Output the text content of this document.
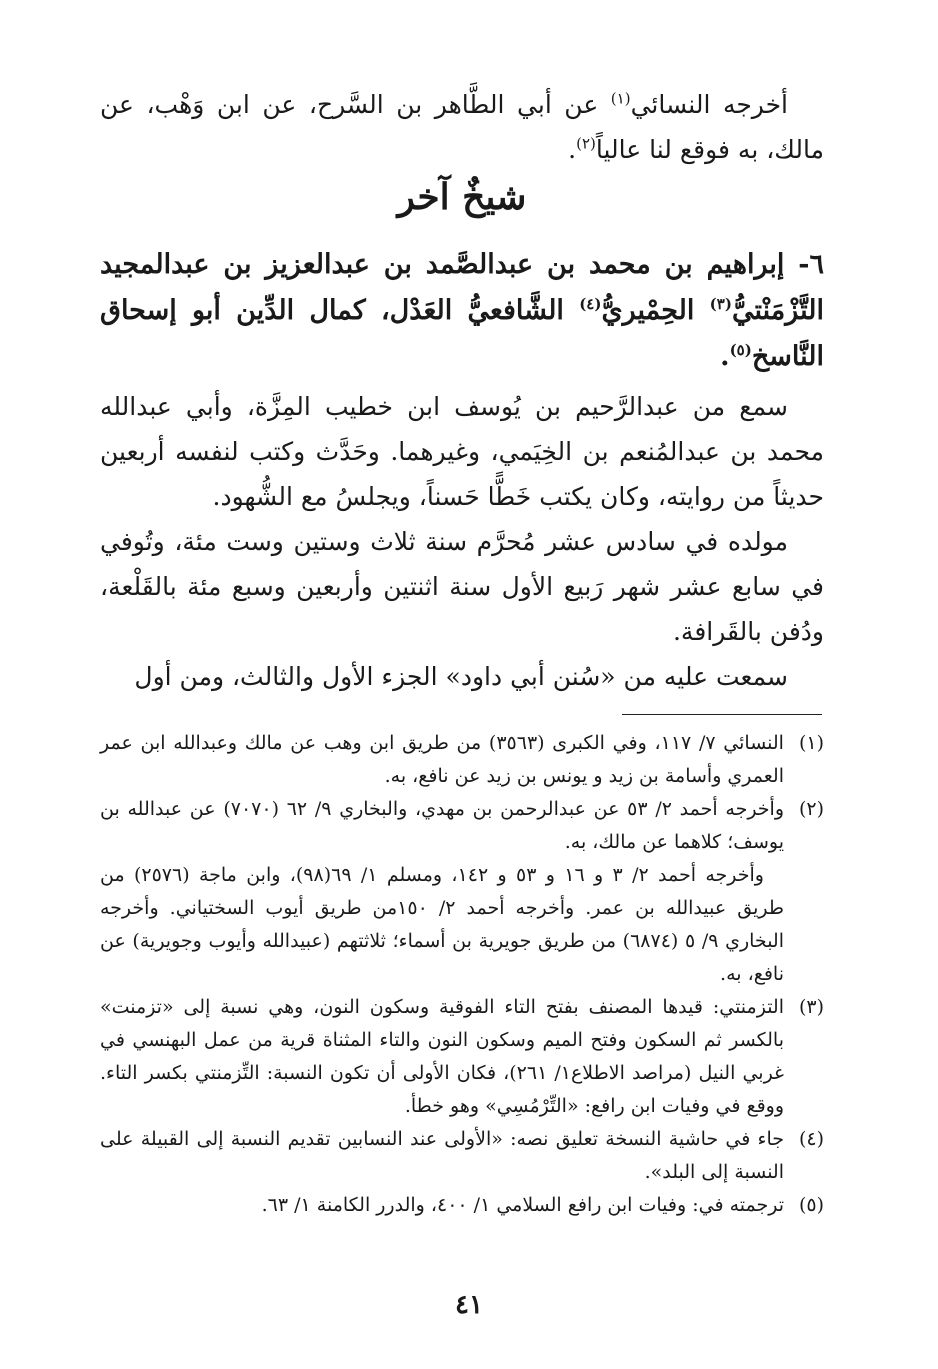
أخرجه النسائي$^{(١)}$ عن أبي الطَّاهر بن السَّرح، عن ابن وَهْب، عن مالك، به فوقع لنا عالياً$^{(٢)}$.

شيخٌ آخر

٦- إبراهيم بن محمد بن عبدالصَّمد بن عبدالعزيز بن عبدالمجيد التَّزْمَنْتيُّ$^{(٣)}$ الحِمْيريُّ$^{(٤)}$ الشَّافعيُّ العَدْل، كمال الدِّين أبو إسحاق النَّاسخ$^{(٥)}$.

سمع من عبدالرَّحيم بن يُوسف ابن خطيب المِزَّة، وأبي عبدالله محمد بن عبدالمُنعم بن الخِيَمي، وغيرهما. وحَدَّث وكتب لنفسه أربعين حديثاً من روايته، وكان يكتب خَطًّا حَسناً، ويجلسُ مع الشُّهود.

مولده في سادس عشر مُحرَّم سنة ثلاث وستين وست مئة، وتُوفي في سابع عشر شهر رَبيع الأول سنة اثنتين وأربعين وسبع مئة بالقَلْعة، ودُفن بالقَرافة.

سمعت عليه من «سُنن أبي داود» الجزء الأول والثالث، ومن أول

(١)

النسائي ٧/ ١١٧، وفي الكبرى (٣٥٦٣) من طريق ابن وهب عن مالك وعبدالله ابن عمر العمري وأسامة بن زيد و يونس بن زيد عن نافع، به.

(٢)

وأخرجه أحمد ٢/ ٥٣ عن عبدالرحمن بن مهدي، والبخاري ٩/ ٦٢ (٧٠٧٠) عن عبدالله بن يوسف؛ كلاهما عن مالك، به.

وأخرجه أحمد ٢/ ٣ و ١٦ و ٥٣ و ١٤٢، ومسلم ١/ ٦٩(٩٨)، وابن ماجة (٢٥٧٦) من طريق عبيدالله بن عمر. وأخرجه أحمد ٢/ ١٥٠من طريق أيوب السختياني. وأخرجه البخاري ٩/ ٥ (٦٨٧٤) من طريق جويرية بن أسماء؛ ثلاثتهم (عبيدالله وأيوب وجويرية) عن نافع، به.

(٣)

التزمنتي: قيدها المصنف بفتح التاء الفوقية وسكون النون، وهي نسبة إلى «تزمنت» بالكسر ثم السكون وفتح الميم وسكون النون والتاء المثناة قرية من عمل البهنسي في غربي النيل (مراصد الاطلاع١/ ٢٦١)، فكان الأولى أن تكون النسبة: التِّزمنتي بكسر التاء. ووقع في وفيات ابن رافع: «التِّرْمُسِي» وهو خطأ.

(٤)

جاء في حاشية النسخة تعليق نصه: «الأولى عند النسابين تقديم النسبة إلى القبيلة على النسبة إلى البلد».

(٥)

ترجمته في: وفيات ابن رافع السلامي ١/ ٤٠٠، والدرر الكامنة ١/ ٦٣.

٤١
